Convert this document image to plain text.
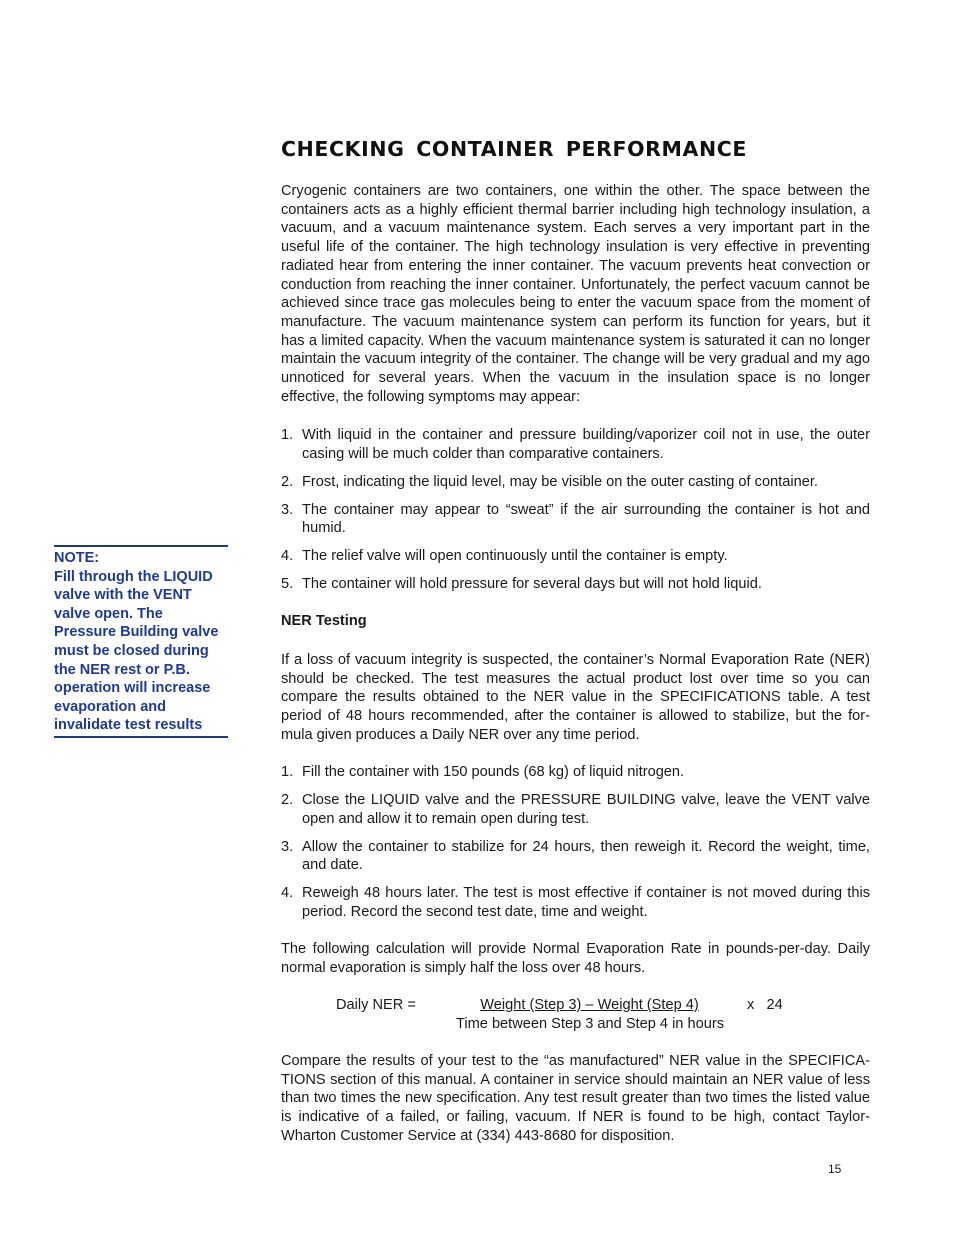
CHECKING CONTAINER PERFORMANCE

Cryogenic containers are two containers, one within the other. The space between the containers acts as a highly efficient thermal barrier including high technology insulation, a vacuum, and a vacuum maintenance system. Each serves a very important part in the useful life of the container. The high technology insulation is very effective in preventing radiated hear from entering the inner container. The vacuum prevents heat convection or conduction from reaching the inner container. Unfortunately, the perfect vacuum cannot be achieved since trace gas molecules being to enter the vacuum space from the moment of manufacture. The vacuum maintenance system can perform its function for years, but it has a limited capacity. When the vacuum maintenance system is saturated it can no longer maintain the vacuum integrity of the container. The change will be very gradual and my ago unnoticed for several years. When the vacuum in the insulation space is no longer effective, the following symptoms may appear:

1. With liquid in the container and pressure building/vaporizer coil not in use, the outer casing will be much colder than comparative containers.
2. Frost, indicating the liquid level, may be visible on the outer casting of container.
3. The container may appear to “sweat” if the air surrounding the container is hot and humid.
4. The relief valve will open continuously until the container is empty.
5. The container will hold pressure for several days but will not hold liquid.
NOTE:
Fill through the LIQUID valve with the VENT valve open. The Pressure Building valve must be closed during the NER rest or P.B. operation will increase evaporation and invalidate test results
NER Testing

If a loss of vacuum integrity is suspected, the container’s Normal Evaporation Rate (NER) should be checked. The test measures the actual product lost over time so you can compare the results obtained to the NER value in the SPECIFICATIONS table. A test period of 48 hours recommended, after the container is allowed to stabilize, but the for-mula given produces a Daily NER over any time period.

1. Fill the container with 150 pounds (68 kg) of liquid nitrogen.
2. Close the LIQUID valve and the PRESSURE BUILDING valve, leave the VENT valve open and allow it to remain open during test.
3. Allow the container to stabilize for 24 hours, then reweigh it. Record the weight, time, and date.
4. Reweigh 48 hours later. The test is most effective if container is not moved during this period. Record the second test date, time and weight.

The following calculation will provide Normal Evaporation Rate in pounds-per-day. Daily normal evaporation is simply half the loss over 48 hours.

Daily NER =	Weight (Step 3) – Weight (Step 4)	x   24
Time between Step 3 and Step 4 in hours

Compare the results of your test to the “as manufactured” NER value in the SPECIFICA-TIONS section of this manual. A container in service should maintain an NER value of less than two times the new specification. Any test result greater than two times the listed value is indicative of a failed, or failing, vacuum. If NER is found to be high, contact Taylor-Wharton Customer Service at (334) 443-8680 for disposition.

15
